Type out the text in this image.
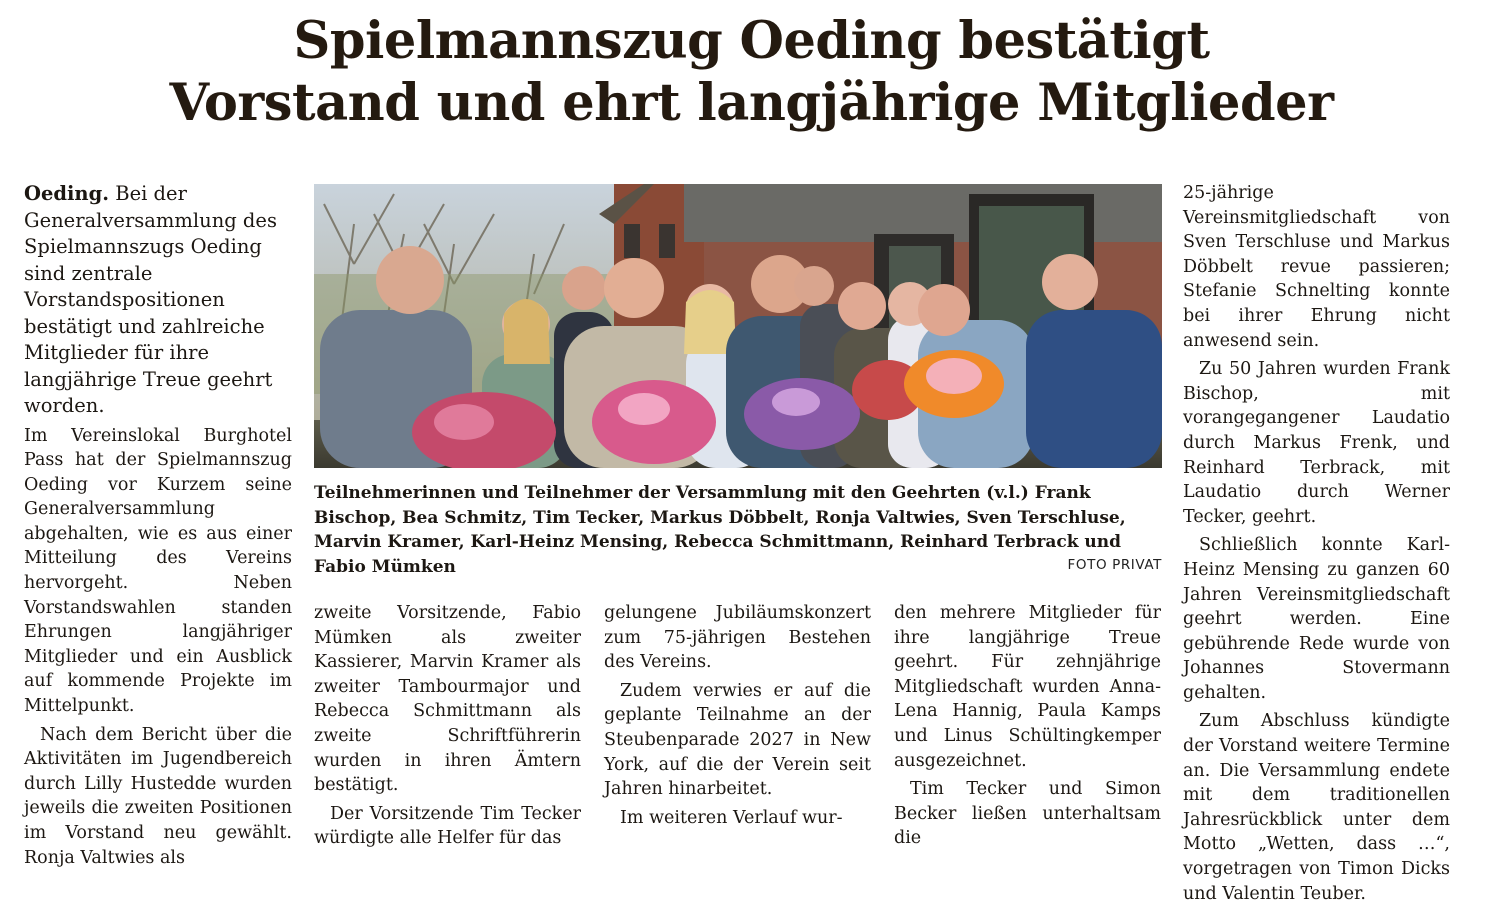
Spielmannszug Oeding bestätigt
Vorstand und ehrt langjährige Mitglieder

Oeding. Bei der Generalversammlung des Spielmannszugs Oeding sind zentrale Vorstandspositionen bestätigt und zahlreiche Mitglieder für ihre langjährige Treue geehrt worden.

Im Vereinslokal Burghotel Pass hat der Spielmannszug Oeding vor Kurzem seine Generalversammlung abgehalten, wie es aus einer Mitteilung des Vereins hervorgeht. Neben Vorstandswahlen standen Ehrungen langjähriger Mitglieder und ein Ausblick auf kommende Projekte im Mittelpunkt.

Nach dem Bericht über die Aktivitäten im Jugendbereich durch Lilly Hustedde wurden jeweils die zweiten Positionen im Vorstand neu gewählt. Ronja Valtwies als

Teilnehmerinnen und Teilnehmer der Versammlung mit den Geehrten (v.l.) Frank Bischop, Bea Schmitz, Tim Tecker, Markus Döbbelt, Ronja Valtwies, Sven Terschluse, Marvin Kramer, Karl-Heinz Mensing, Rebecca Schmittmann, Reinhard Terbrack und Fabio Mümken	FOTO PRIVAT

zweite Vorsitzende, Fabio Mümken als zweiter Kassierer, Marvin Kramer als zweiter Tambourmajor und Rebecca Schmittmann als zweite Schriftführerin wurden in ihren Ämtern bestätigt.

Der Vorsitzende Tim Tecker würdigte alle Helfer für das

gelungene Jubiläumskonzert zum 75-jährigen Bestehen des Vereins.

Zudem verwies er auf die geplante Teilnahme an der Steubenparade 2027 in New York, auf die der Verein seit Jahren hinarbeitet.

Im weiteren Verlauf wur-

den mehrere Mitglieder für ihre langjährige Treue geehrt. Für zehnjährige Mitgliedschaft wurden Anna-Lena Hannig, Paula Kamps und Linus Schültingkemper ausgezeichnet.

Tim Tecker und Simon Becker ließen unterhaltsam die

25-jährige Vereinsmitgliedschaft von Sven Terschluse und Markus Döbbelt revue passieren; Stefanie Schnelting konnte bei ihrer Ehrung nicht anwesend sein.

Zu 50 Jahren wurden Frank Bischop, mit vorangegangener Laudatio durch Markus Frenk, und Reinhard Terbrack, mit Laudatio durch Werner Tecker, geehrt.

Schließlich konnte Karl-Heinz Mensing zu ganzen 60 Jahren Vereinsmitgliedschaft geehrt werden. Eine gebührende Rede wurde von Johannes Stovermann gehalten.

Zum Abschluss kündigte der Vorstand weitere Termine an. Die Versammlung endete mit dem traditionellen Jahresrückblick unter dem Motto „Wetten, dass …“, vorgetragen von Timon Dicks und Valentin Teuber.
